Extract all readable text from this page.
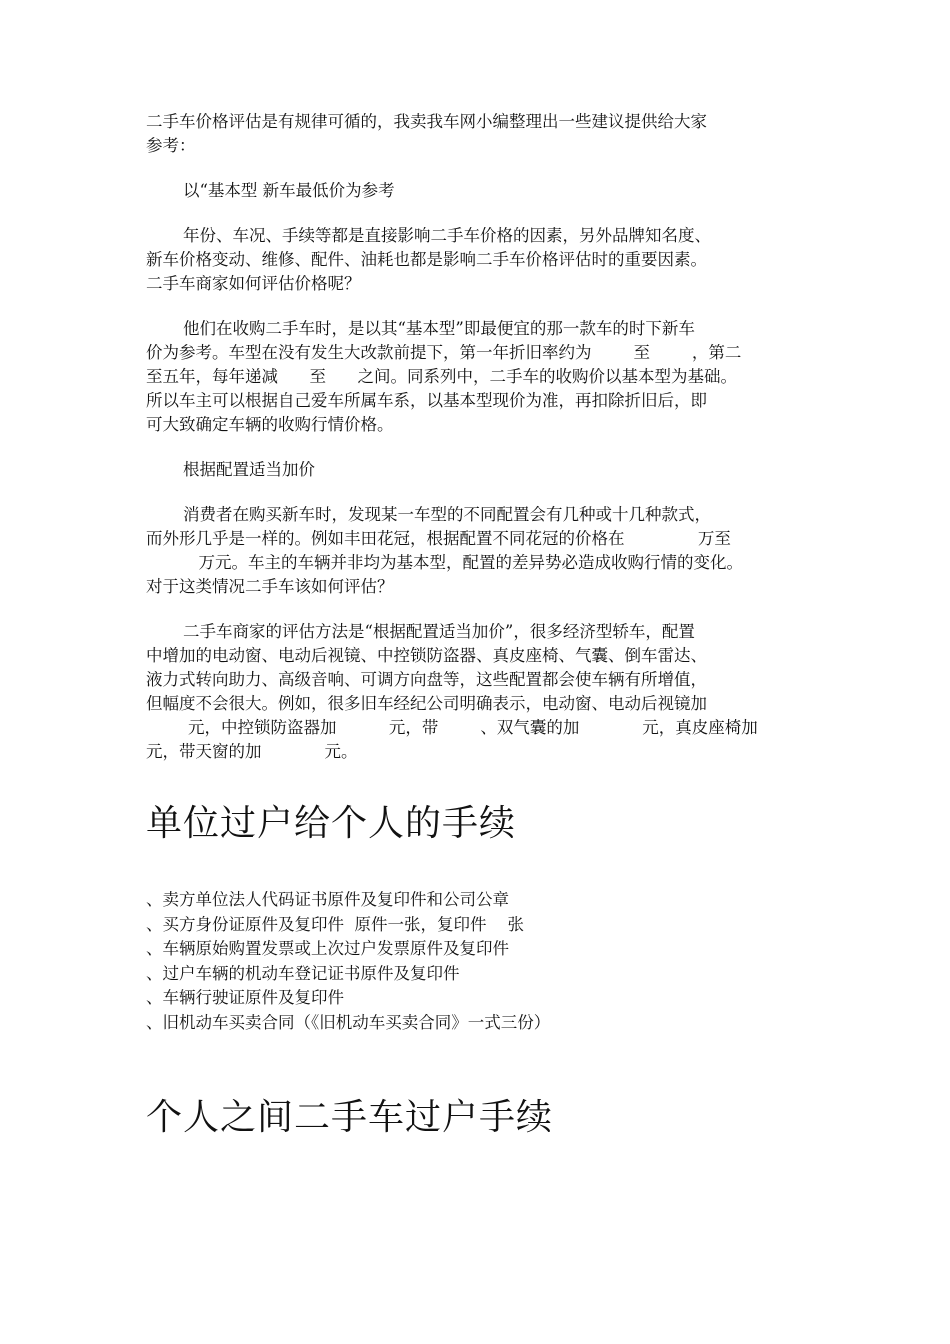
二手车价格评估是有规律可循的，我卖我车网小编整理出一些建议提供给大家
参考：

以“基本型 新车最低价为参考

年份、车况、手续等都是直接影响二手车价格的因素，另外品牌知名度、
新车价格变动、维修、配件、油耗也都是影响二手车价格评估时的重要因素。
二手车商家如何评估价格呢？

他们在收购二手车时，是以其“基本型”即最便宜的那一款车的时下新车
价为参考。车型在没有发生大改款前提下，第一年折旧率约为        至        ，第二
至五年，每年递减      至      之间。同系列中，二手车的收购价以基本型为基础。
所以车主可以根据自己爱车所属车系，以基本型现价为准，再扣除折旧后，即
可大致确定车辆的收购行情价格。

根据配置适当加价

消费者在购买新车时，发现某一车型的不同配置会有几种或十几种款式，
而外形几乎是一样的。例如丰田花冠，根据配置不同花冠的价格在              万至
万元。车主的车辆并非均为基本型，配置的差异势必造成收购行情的变化。
对于这类情况二手车该如何评估？

二手车商家的评估方法是“根据配置适当加价”，很多经济型轿车，配置
中增加的电动窗、电动后视镜、中控锁防盗器、真皮座椅、气囊、倒车雷达、
液力式转向助力、高级音响、可调方向盘等，这些配置都会使车辆有所增值，
但幅度不会很大。例如，很多旧车经纪公司明确表示，电动窗、电动后视镜加
元，中控锁防盗器加          元，带        、双气囊的加            元，真皮座椅加
元，带天窗的加            元。

单位过户给个人的手续
、卖方单位法人代码证书原件及复印件和公司公章
、买方身份证原件及复印件  原件一张，复印件    张
、车辆原始购置发票或上次过户发票原件及复印件
、过户车辆的机动车登记证书原件及复印件
、车辆行驶证原件及复印件
、旧机动车买卖合同（《旧机动车买卖合同》一式三份）
个人之间二手车过户手续
